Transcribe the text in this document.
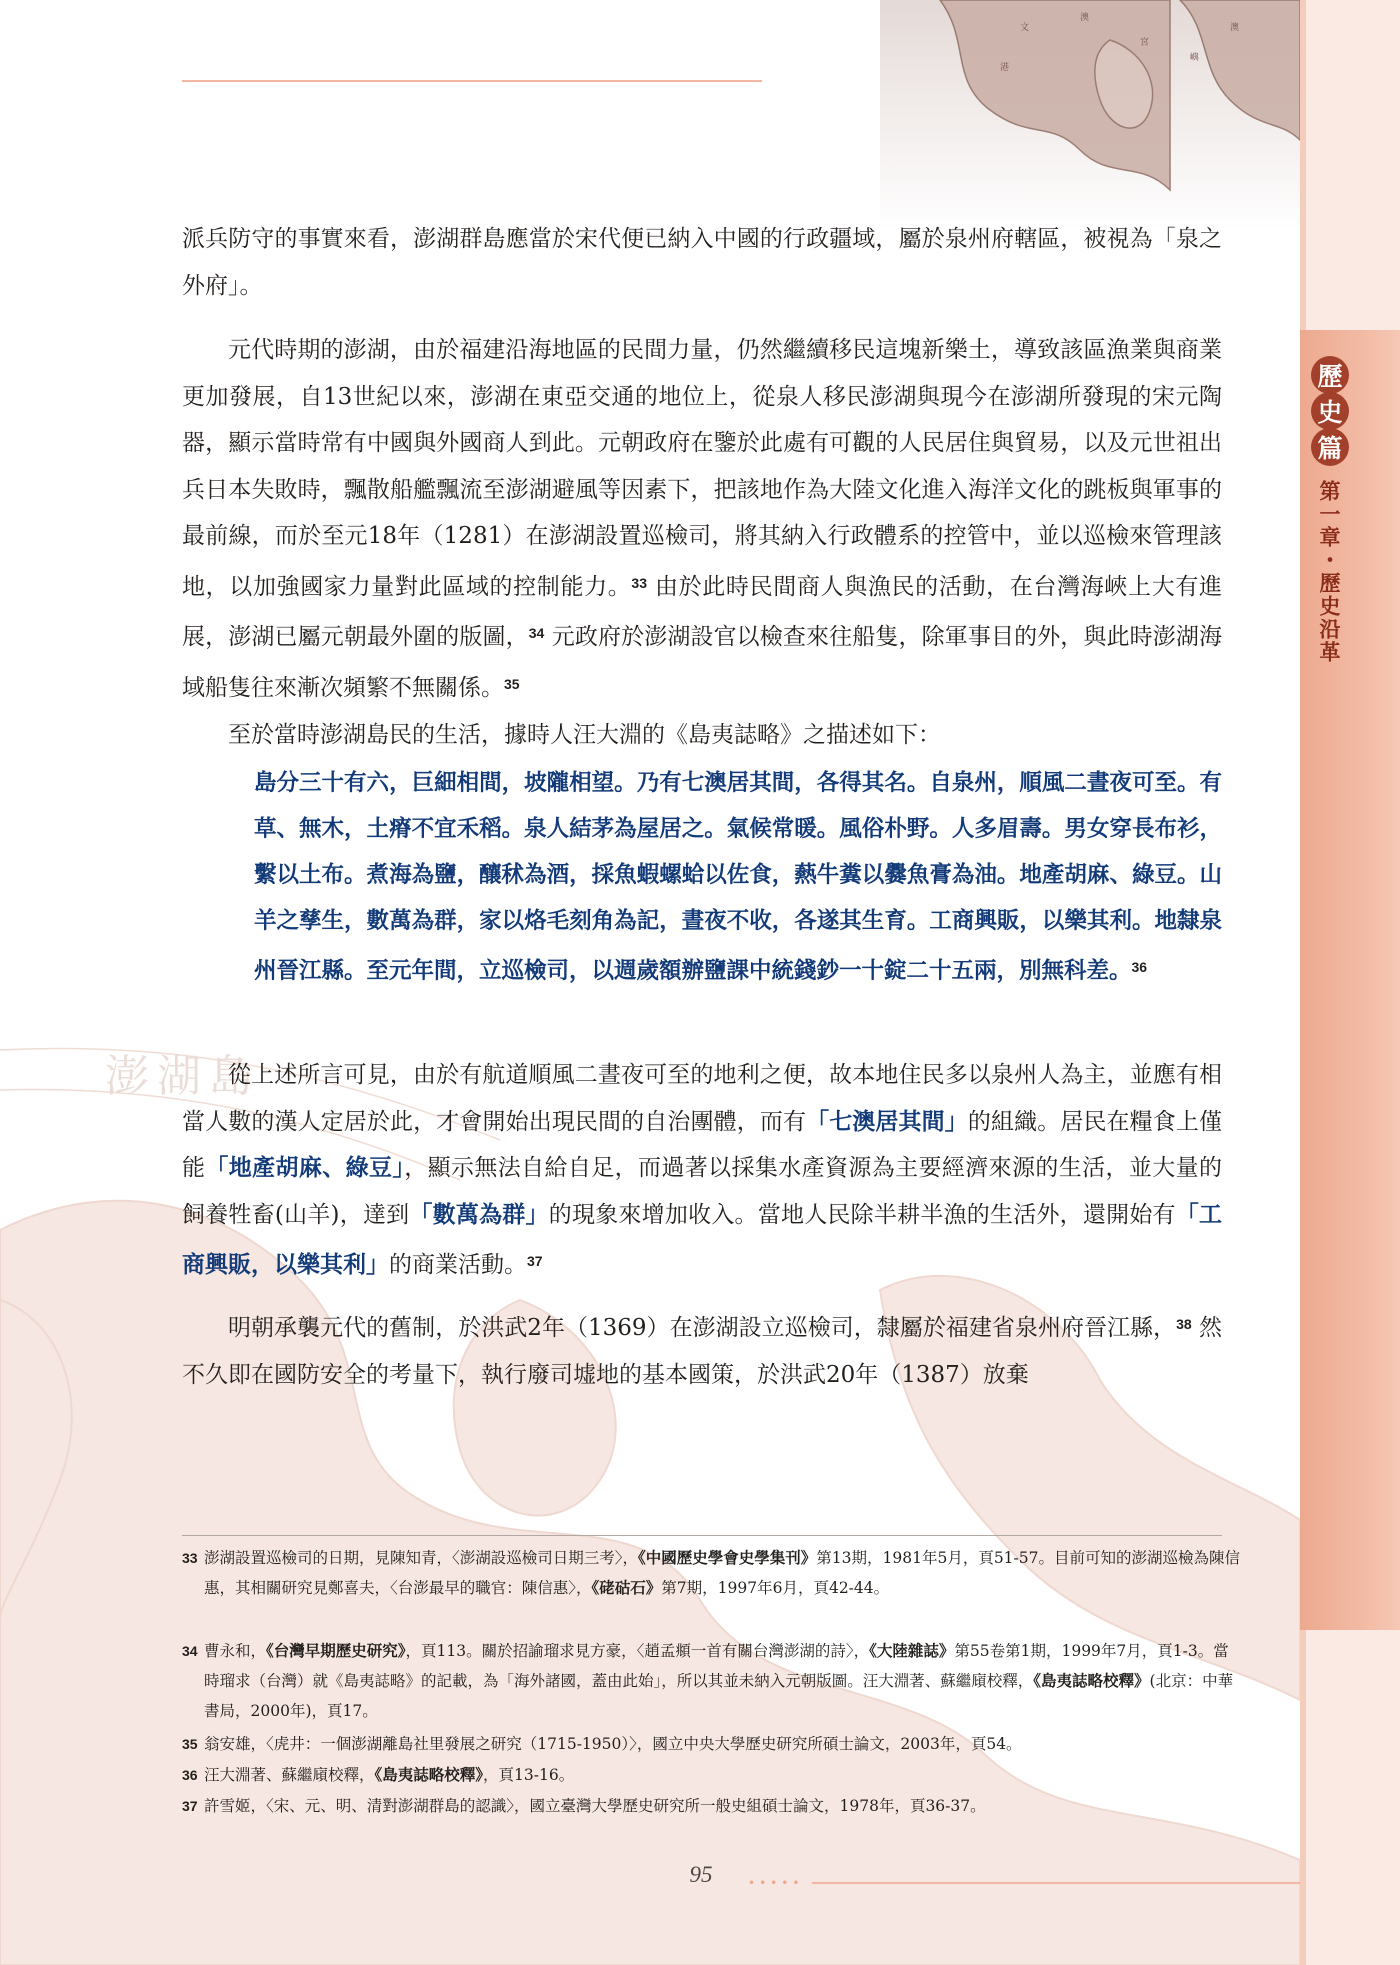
澎湖島
文
澳
宮
港
嶼
澳
歷
史
篇
第一章・歷史沿革

派兵防守的事實來看，澎湖群島應當於宋代便已納入中國的行政疆域，屬於泉州府轄區，被視為「泉之外府」。

元代時期的澎湖，由於福建沿海地區的民間力量，仍然繼續移民這塊新樂土，導致該區漁業與商業更加發展，自13世紀以來，澎湖在東亞交通的地位上，從泉人移民澎湖與現今在澎湖所發現的宋元陶器，顯示當時常有中國與外國商人到此。元朝政府在鑒於此處有可觀的人民居住與貿易，以及元世祖出兵日本失敗時，飄散船艦飄流至澎湖避風等因素下，把該地作為大陸文化進入海洋文化的跳板與軍事的最前線，而於至元18年（1281）在澎湖設置巡檢司，將其納入行政體系的控管中，並以巡檢來管理該地，以加強國家力量對此區域的控制能力。$^{33}$ 由於此時民間商人與漁民的活動，在台灣海峽上大有進展，澎湖已屬元朝最外圍的版圖，$^{34}$ 元政府於澎湖設官以檢查來往船隻，除軍事目的外，與此時澎湖海域船隻往來漸次頻繁不無關係。$^{35}$

至於當時澎湖島民的生活，據時人汪大淵的《島夷誌略》之描述如下：

島分三十有六，巨細相間，坡隴相望。乃有七澳居其間，各得其名。自泉州，順風二晝夜可至。有草、無木，土瘠不宜禾稻。泉人結茅為屋居之。氣候常暖。風俗朴野。人多眉壽。男女穿長布衫，繫以土布。煮海為鹽，釀秫為酒，採魚蝦螺蛤以佐食，爇牛糞以爨魚膏為油。地產胡麻、綠豆。山羊之孳生，數萬為群，家以烙毛刻角為記，晝夜不收，各遂其生育。工商興販，以樂其利。地隸泉州晉江縣。至元年間，立巡檢司，以週歲額辦鹽課中統錢鈔一十錠二十五兩，別無科差。$^{36}$

從上述所言可見，由於有航道順風二晝夜可至的地利之便，故本地住民多以泉州人為主，並應有相當人數的漢人定居於此，才會開始出現民間的自治團體，而有「七澳居其間」的組織。居民在糧食上僅能「地產胡麻、綠豆」，顯示無法自給自足，而過著以採集水產資源為主要經濟來源的生活，並大量的飼養牲畜(山羊)，達到「數萬為群」的現象來增加收入。當地人民除半耕半漁的生活外，還開始有「工商興販，以樂其利」的商業活動。$^{37}$

明朝承襲元代的舊制，於洪武2年（1369）在澎湖設立巡檢司，隸屬於福建省泉州府晉江縣，$^{38}$ 然不久即在國防安全的考量下，執行廢司墟地的基本國策，於洪武20年（1387）放棄

33 澎湖設置巡檢司的日期，見陳知青，〈澎湖設巡檢司日期三考〉，《中國歷史學會史學集刊》第13期，1981年5月，頁51-57。目前可知的澎湖巡檢為陳信惠，其相關研究見鄭喜夫，〈台澎最早的職官：陳信惠〉，《硓𥑮石》第7期，1997年6月，頁42-44。

34 曹永和，《台灣早期歷史研究》，頁113。關於招諭瑠求見方豪，〈趙孟頫一首有關台灣澎湖的詩〉，《大陸雜誌》第55卷第1期，1999年7月，頁1-3。當時瑠求（台灣）就《島夷誌略》的記載，為「海外諸國，蓋由此始」，所以其並未納入元朝版圖。汪大淵著、蘇繼廎校釋，《島夷誌略校釋》(北京：中華書局，2000年)，頁17。

35 翁安雄，〈虎井：一個澎湖離島社里發展之研究（1715-1950）〉，國立中央大學歷史研究所碩士論文，2003年，頁54。

36 汪大淵著、蘇繼廎校釋，《島夷誌略校釋》，頁13-16。

37 許雪姬，〈宋、元、明、清對澎湖群島的認識〉，國立臺灣大學歷史研究所一般史組碩士論文，1978年，頁36-37。

95	•••••
